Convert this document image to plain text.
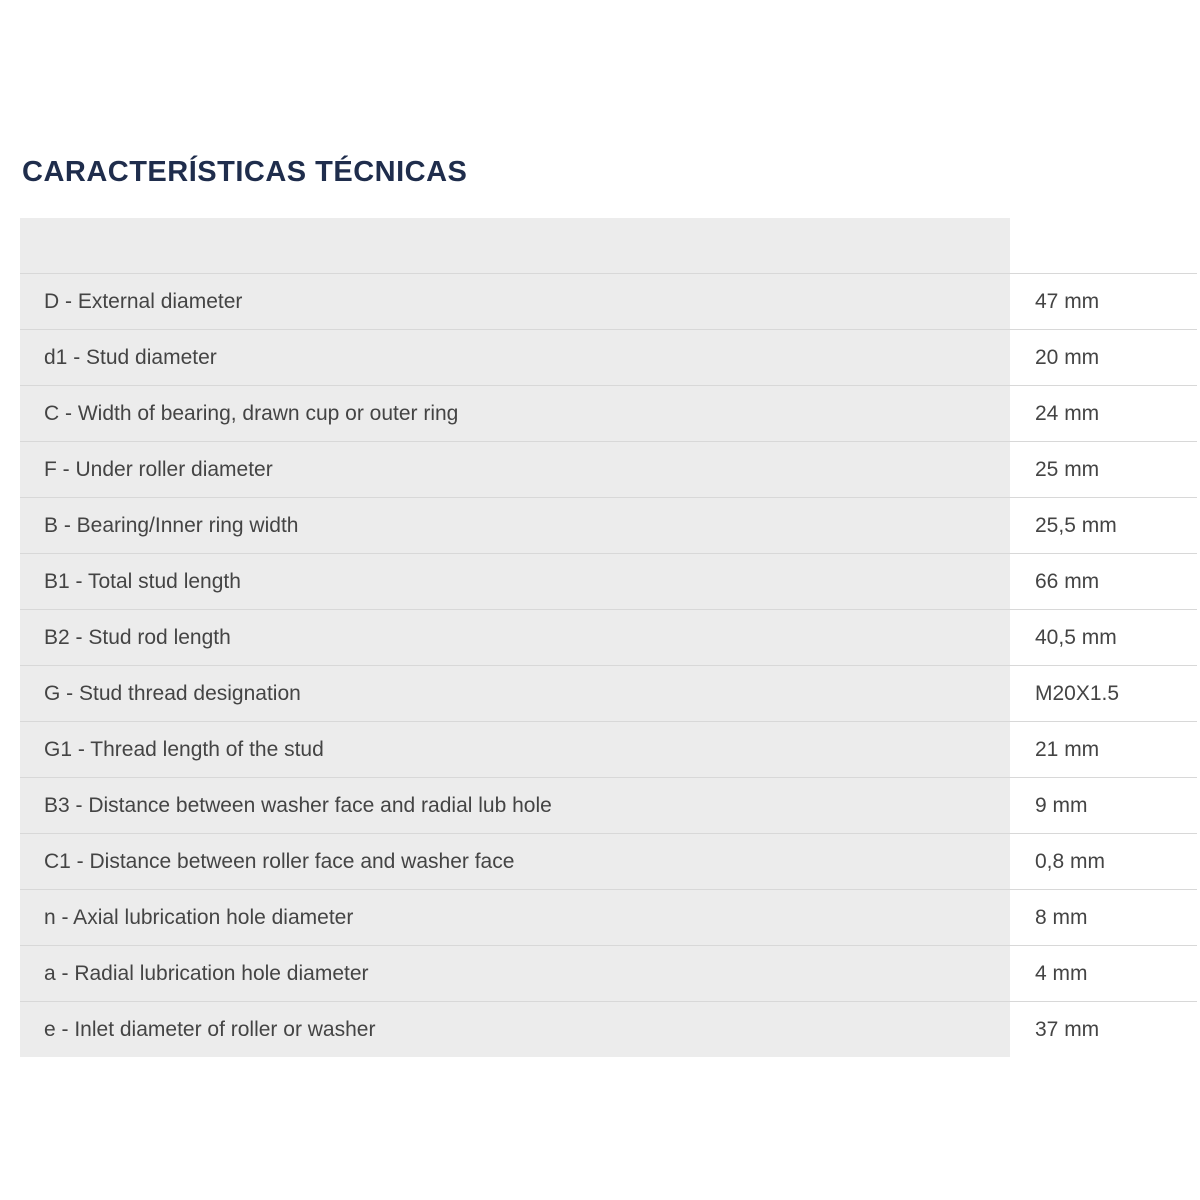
CARACTERÍSTICAS TÉCNICAS
D - External diameter	47 mm
d1 - Stud diameter	20 mm
C - Width of bearing, drawn cup or outer ring	24 mm
F - Under roller diameter	25 mm
B - Bearing/Inner ring width	25,5 mm
B1 - Total stud length	66 mm
B2 - Stud rod length	40,5 mm
G - Stud thread designation	M20X1.5
G1 - Thread length of the stud	21 mm
B3 - Distance between washer face and radial lub hole	9 mm
C1 - Distance between roller face and washer face	0,8 mm
n - Axial lubrication hole diameter	8 mm
a - Radial lubrication hole diameter	4 mm
e - Inlet diameter of roller or washer	37 mm
